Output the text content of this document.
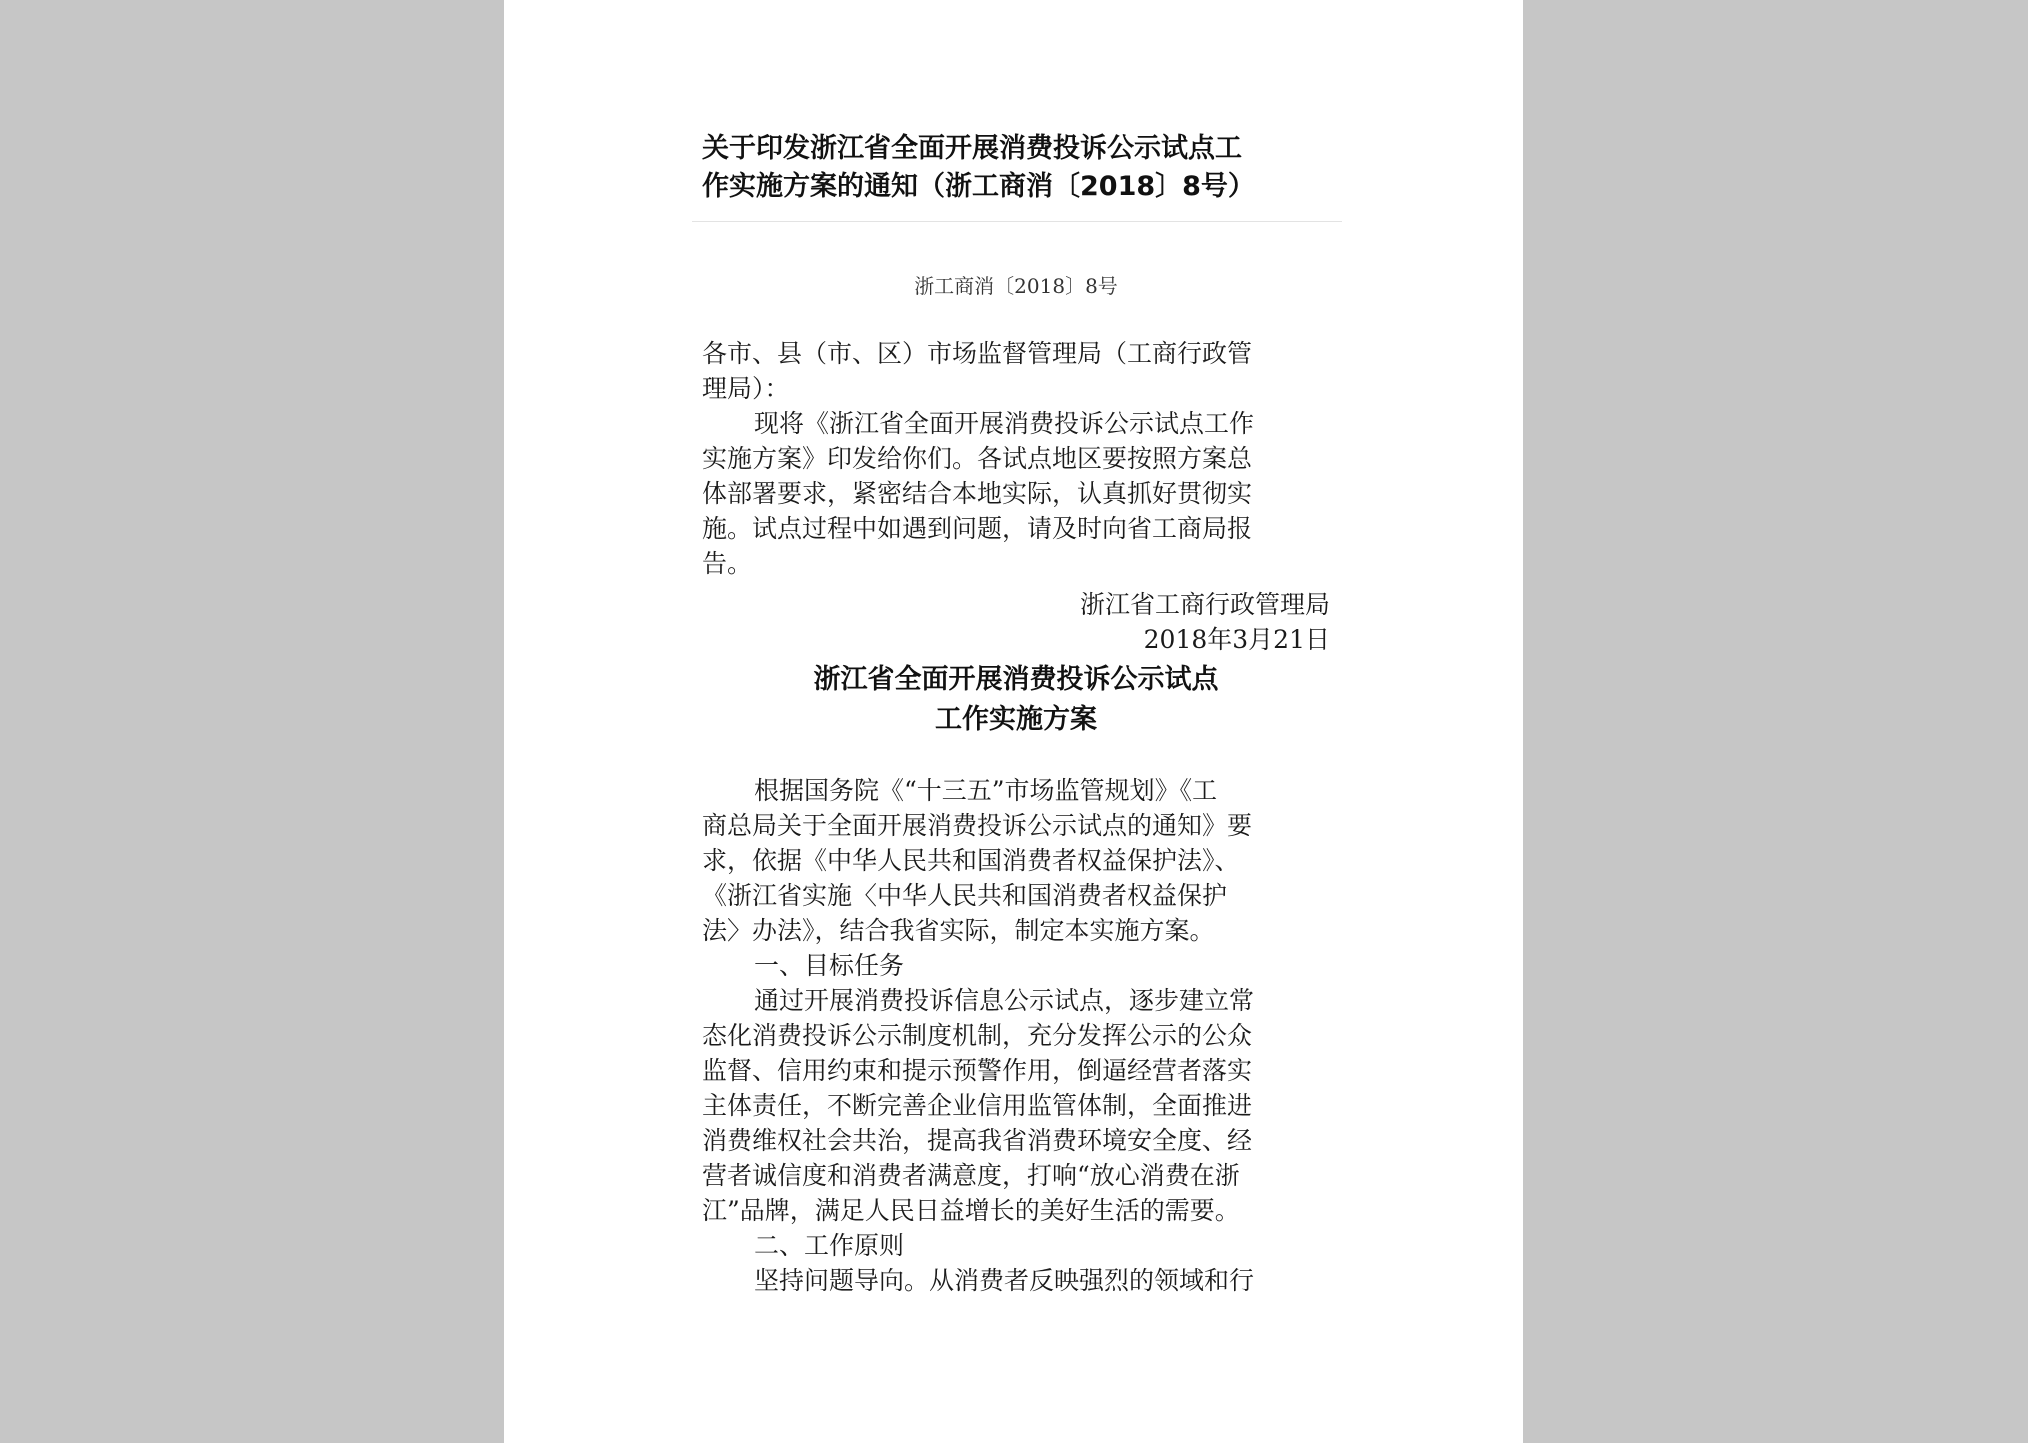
关于印发浙江省全面开展消费投诉公示试点工
作实施方案的通知（浙工商消〔2018〕8号）
浙工商消〔2018〕8号
各市、县（市、区）市场监督管理局（工商行政管
理局）：
现将《浙江省全面开展消费投诉公示试点工作
实施方案》印发给你们。各试点地区要按照方案总
体部署要求，紧密结合本地实际，认真抓好贯彻实
施。试点过程中如遇到问题，请及时向省工商局报
告。
浙江省工商行政管理局
2018年3月21日
浙江省全面开展消费投诉公示试点
工作实施方案
根据国务院《“十三五”市场监管规划》《工
商总局关于全面开展消费投诉公示试点的通知》要
求，依据《中华人民共和国消费者权益保护法》、
《浙江省实施〈中华人民共和国消费者权益保护
法〉办法》，结合我省实际，制定本实施方案。
一、目标任务
通过开展消费投诉信息公示试点，逐步建立常
态化消费投诉公示制度机制，充分发挥公示的公众
监督、信用约束和提示预警作用，倒逼经营者落实
主体责任，不断完善企业信用监管体制，全面推进
消费维权社会共治，提高我省消费环境安全度、经
营者诚信度和消费者满意度，打响“放心消费在浙
江”品牌，满足人民日益增长的美好生活的需要。
二、工作原则
坚持问题导向。从消费者反映强烈的领域和行
